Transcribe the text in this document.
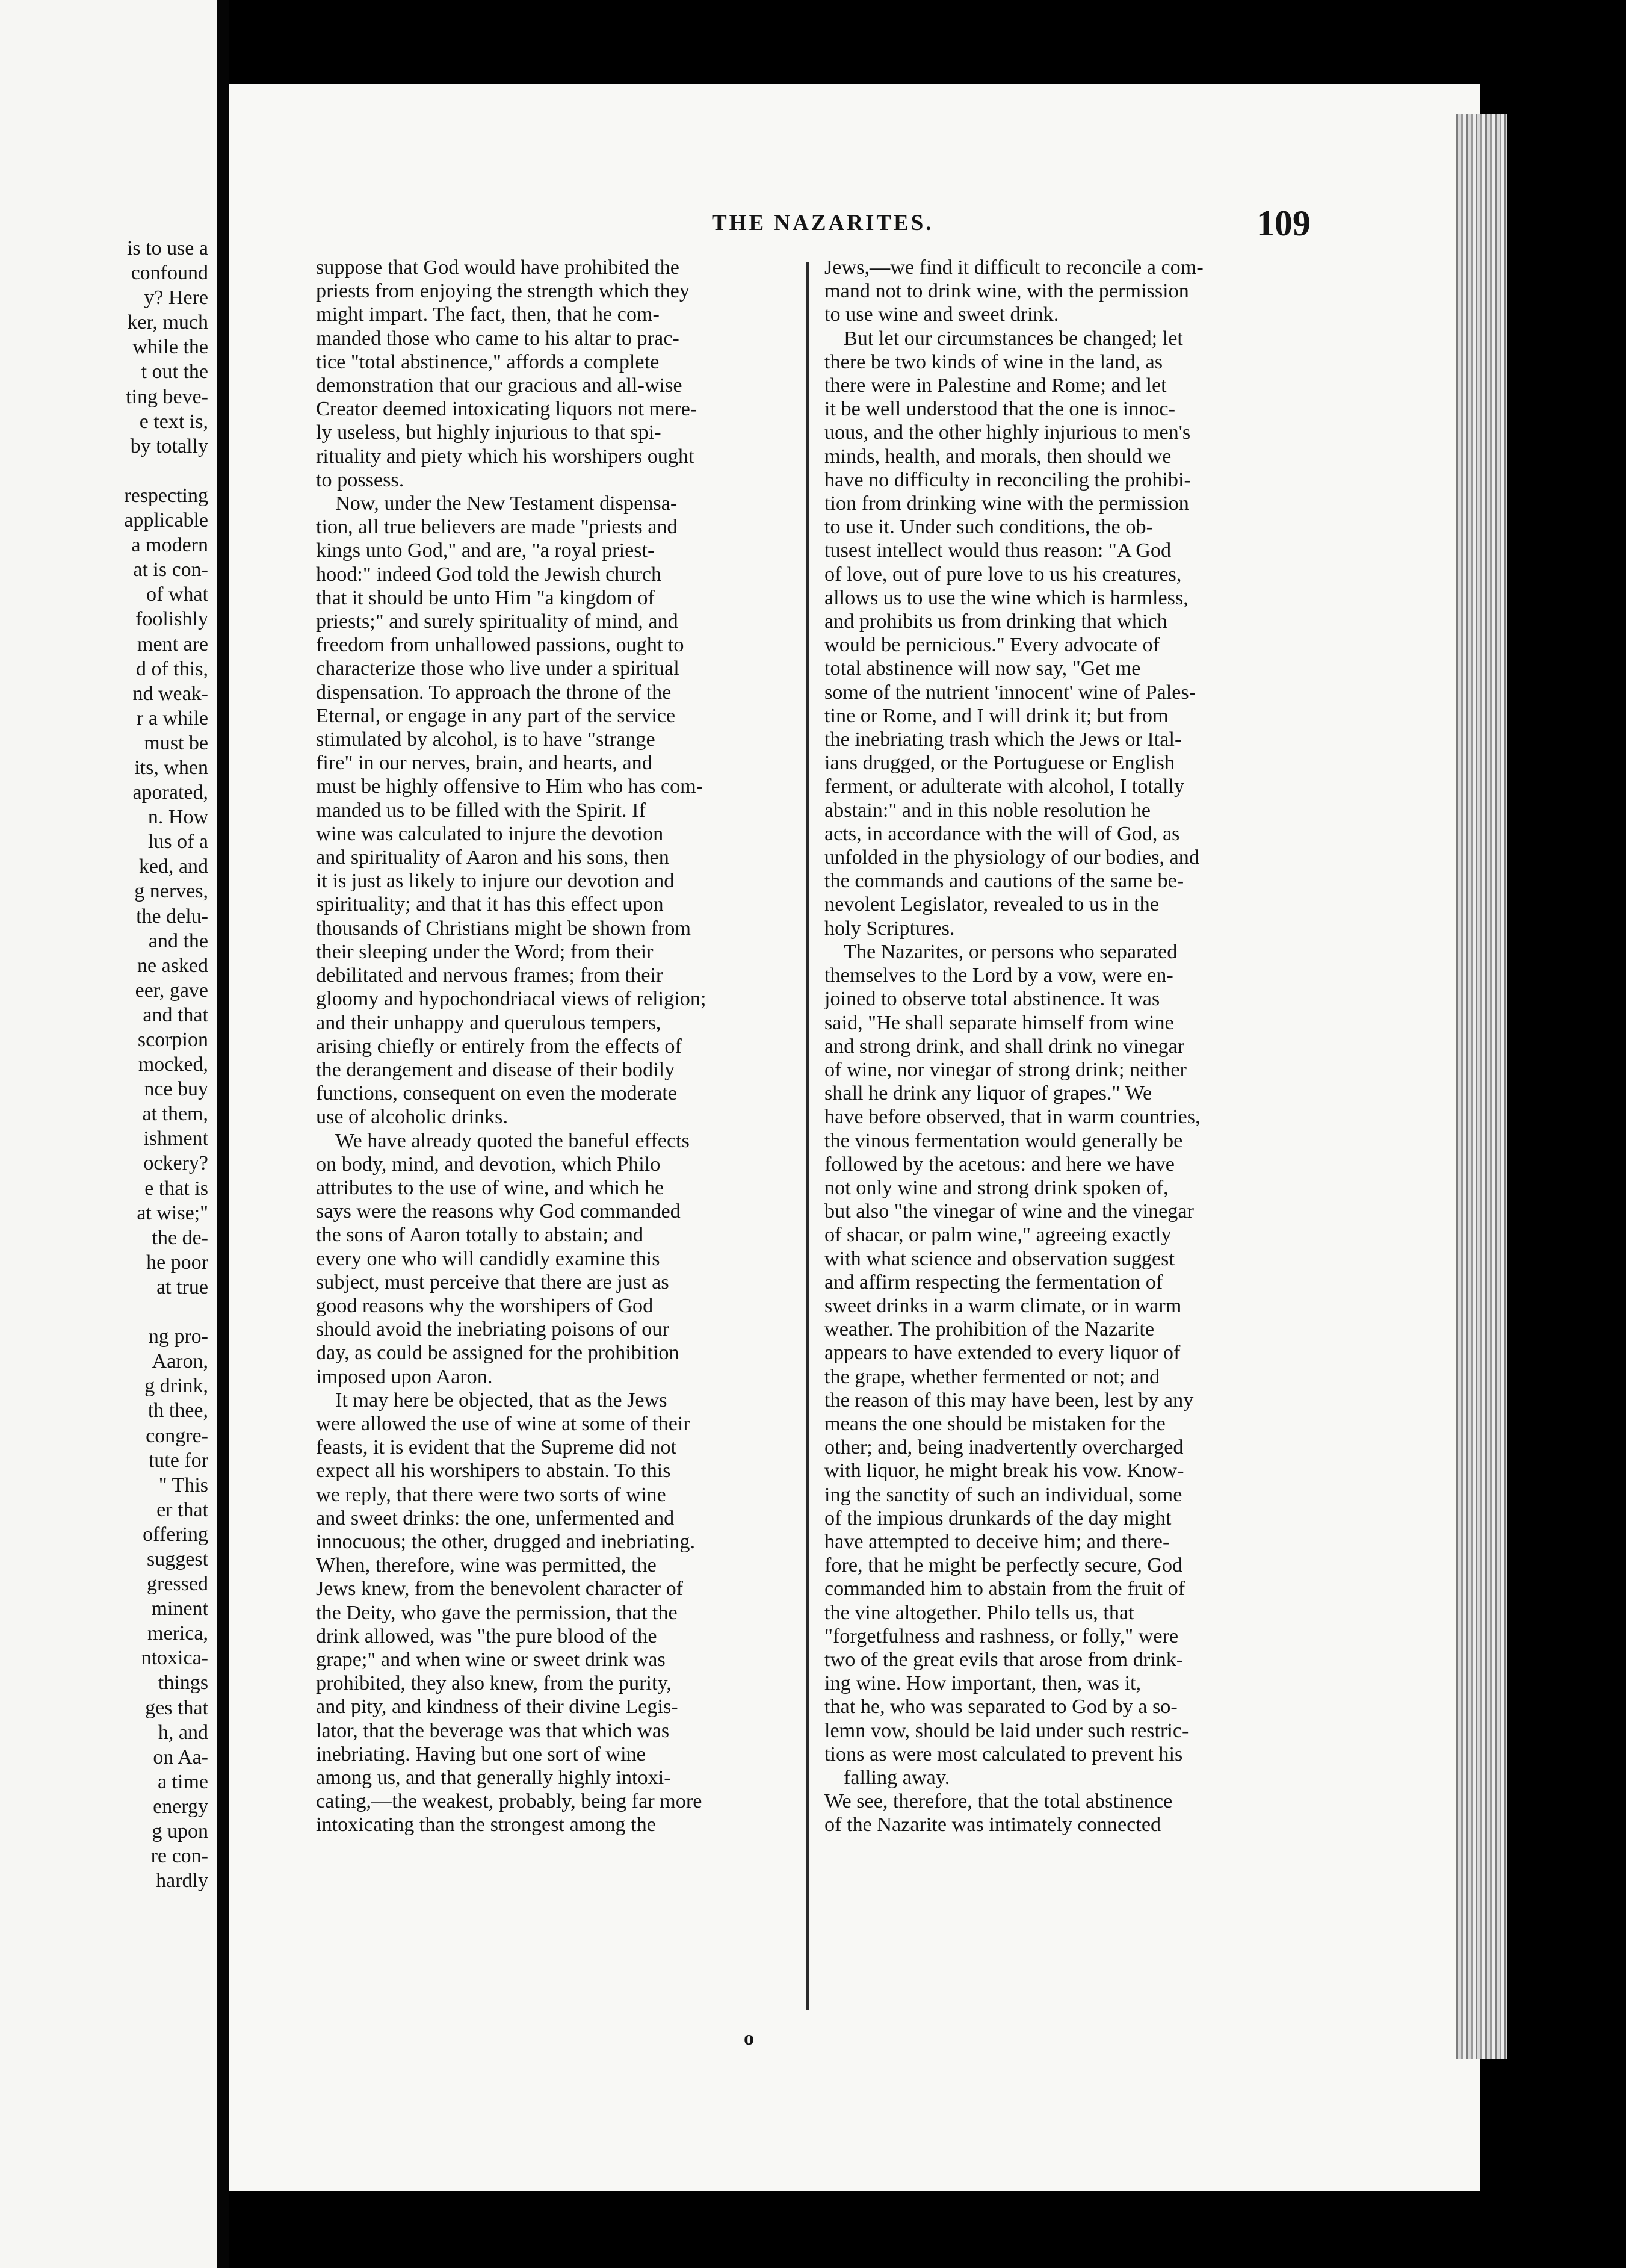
is to use a
confound
y? Here
ker, much
while the
t out the
ting beve-
e text is,
by totally

respecting
applicable
a modern
at is con-
of what
foolishly
ment are
d of this,
nd weak-
r a while
must be
its, when
aporated,
n. How
lus of a
ked, and
g nerves,
the delu-
and the
ne asked
eer, gave
and that
scorpion
mocked,
nce buy
at them,
ishment
ockery?
e that is
at wise;"
the de-
he poor
at true

ng pro-
Aaron,
g drink,
th thee,
congre-
tute for
" This
er that
offering
suggest
gressed
minent
merica,
ntoxica-
things
ges that
h, and
on Aa-
a time
energy
g upon
re con-
hardly
THE NAZARITES.	109
suppose that God would have prohibited the
priests from enjoying the strength which they
might impart. The fact, then, that he com-
manded those who came to his altar to prac-
tice "total abstinence," affords a complete
demonstration that our gracious and all-wise
Creator deemed intoxicating liquors not mere-
ly useless, but highly injurious to that spi-
rituality and piety which his worshipers ought
to possess.
Now, under the New Testament dispensa-
tion, all true believers are made "priests and
kings unto God," and are, "a royal priest-
hood:" indeed God told the Jewish church
that it should be unto Him "a kingdom of
priests;" and surely spirituality of mind, and
freedom from unhallowed passions, ought to
characterize those who live under a spiritual
dispensation. To approach the throne of the
Eternal, or engage in any part of the service
stimulated by alcohol, is to have "strange
fire" in our nerves, brain, and hearts, and
must be highly offensive to Him who has com-
manded us to be filled with the Spirit. If
wine was calculated to injure the devotion
and spirituality of Aaron and his sons, then
it is just as likely to injure our devotion and
spirituality; and that it has this effect upon
thousands of Christians might be shown from
their sleeping under the Word; from their
debilitated and nervous frames; from their
gloomy and hypochondriacal views of religion;
and their unhappy and querulous tempers,
arising chiefly or entirely from the effects of
the derangement and disease of their bodily
functions, consequent on even the moderate
use of alcoholic drinks.
We have already quoted the baneful effects
on body, mind, and devotion, which Philo
attributes to the use of wine, and which he
says were the reasons why God commanded
the sons of Aaron totally to abstain; and
every one who will candidly examine this
subject, must perceive that there are just as
good reasons why the worshipers of God
should avoid the inebriating poisons of our
day, as could be assigned for the prohibition
imposed upon Aaron.
It may here be objected, that as the Jews
were allowed the use of wine at some of their
feasts, it is evident that the Supreme did not
expect all his worshipers to abstain. To this
we reply, that there were two sorts of wine
and sweet drinks: the one, unfermented and
innocuous; the other, drugged and inebriating.
When, therefore, wine was permitted, the
Jews knew, from the benevolent character of
the Deity, who gave the permission, that the
drink allowed, was "the pure blood of the
grape;" and when wine or sweet drink was
prohibited, they also knew, from the purity,
and pity, and kindness of their divine Legis-
lator, that the beverage was that which was
inebriating. Having but one sort of wine
among us, and that generally highly intoxi-
cating,—the weakest, probably, being far more
intoxicating than the strongest among the
Jews,—we find it difficult to reconcile a com-
mand not to drink wine, with the permission
to use wine and sweet drink.
But let our circumstances be changed; let
there be two kinds of wine in the land, as
there were in Palestine and Rome; and let
it be well understood that the one is innoc-
uous, and the other highly injurious to men's
minds, health, and morals, then should we
have no difficulty in reconciling the prohibi-
tion from drinking wine with the permission
to use it. Under such conditions, the ob-
tusest intellect would thus reason: "A God
of love, out of pure love to us his creatures,
allows us to use the wine which is harmless,
and prohibits us from drinking that which
would be pernicious." Every advocate of
total abstinence will now say, "Get me
some of the nutrient 'innocent' wine of Pales-
tine or Rome, and I will drink it; but from
the inebriating trash which the Jews or Ital-
ians drugged, or the Portuguese or English
ferment, or adulterate with alcohol, I totally
abstain:" and in this noble resolution he
acts, in accordance with the will of God, as
unfolded in the physiology of our bodies, and
the commands and cautions of the same be-
nevolent Legislator, revealed to us in the
holy Scriptures.
The Nazarites, or persons who separated
themselves to the Lord by a vow, were en-
joined to observe total abstinence. It was
said, "He shall separate himself from wine
and strong drink, and shall drink no vinegar
of wine, nor vinegar of strong drink; neither
shall he drink any liquor of grapes." We
have before observed, that in warm countries,
the vinous fermentation would generally be
followed by the acetous: and here we have
not only wine and strong drink spoken of,
but also "the vinegar of wine and the vinegar
of shacar, or palm wine," agreeing exactly
with what science and observation suggest
and affirm respecting the fermentation of
sweet drinks in a warm climate, or in warm
weather. The prohibition of the Nazarite
appears to have extended to every liquor of
the grape, whether fermented or not; and
the reason of this may have been, lest by any
means the one should be mistaken for the
other; and, being inadvertently overcharged
with liquor, he might break his vow. Know-
ing the sanctity of such an individual, some
of the impious drunkards of the day might
have attempted to deceive him; and there-
fore, that he might be perfectly secure, God
commanded him to abstain from the fruit of
the vine altogether. Philo tells us, that
"forgetfulness and rashness, or folly," were
two of the great evils that arose from drink-
ing wine. How important, then, was it,
that he, who was separated to God by a so-
lemn vow, should be laid under such restric-
tions as were most calculated to prevent his
falling away.
We see, therefore, that the total abstinence
of the Nazarite was intimately connected
o
